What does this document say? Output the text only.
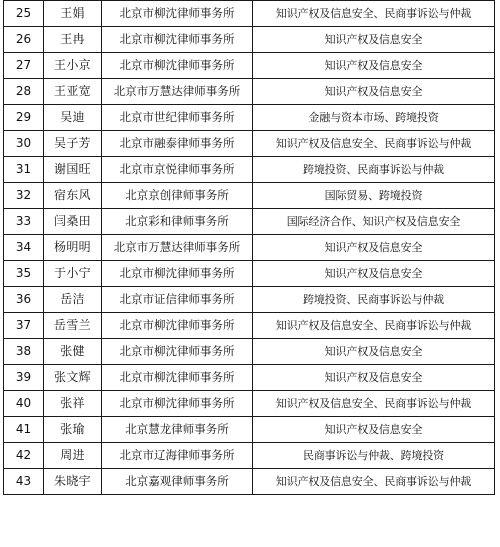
25	王娟	北京市柳沈律师事务所	知识产权及信息安全、民商事诉讼与仲裁
26	王冉	北京市柳沈律师事务所	知识产权及信息安全
27	王小京	北京市柳沈律师事务所	知识产权及信息安全
28	王亚宽	北京市万慧达律师事务所	知识产权及信息安全
29	吴迪	北京市世纪律师事务所	金融与资本市场、跨境投资
30	吴子芳	北京市融泰律师事务所	知识产权及信息安全、民商事诉讼与仲裁
31	谢国旺	北京市京悦律师事务所	跨境投资、民商事诉讼与仲裁
32	宿东风	北京京创律师事务所	国际贸易、跨境投资
33	闫桑田	北京彩和律师事务所	国际经济合作、知识产权及信息安全
34	杨明明	北京市万慧达律师事务所	知识产权及信息安全
35	于小宁	北京市柳沈律师事务所	知识产权及信息安全
36	岳洁	北京市证信律师事务所	跨境投资、民商事诉讼与仲裁
37	岳雪兰	北京市柳沈律师事务所	知识产权及信息安全、民商事诉讼与仲裁
38	张健	北京市柳沈律师事务所	知识产权及信息安全
39	张文辉	北京市柳沈律师事务所	知识产权及信息安全
40	张祥	北京市柳沈律师事务所	知识产权及信息安全、民商事诉讼与仲裁
41	张瑜	北京慧龙律师事务所	知识产权及信息安全
42	周进	北京市辽海律师事务所	民商事诉讼与仲裁、跨境投资
43	朱晓宇	北京嘉观律师事务所	知识产权及信息安全、民商事诉讼与仲裁
